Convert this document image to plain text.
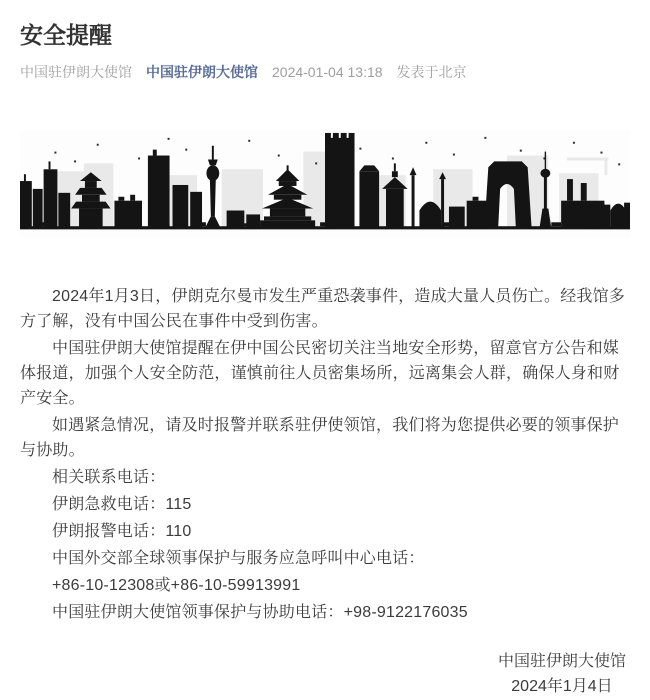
安全提醒
中国驻伊朗大使馆 中国驻伊朗大使馆 2024-01-04 13:18 发表于北京

2024年1月3日，伊朗克尔曼市发生严重恐袭事件，造成大量人员伤亡。经我馆多方了解，没有中国公民在事件中受到伤害。

中国驻伊朗大使馆提醒在伊中国公民密切关注当地安全形势，留意官方公告和媒体报道，加强个人安全防范，谨慎前往人员密集场所，远离集会人群，确保人身和财产安全。

如遇紧急情况，请及时报警并联系驻伊使领馆，我们将为您提供必要的领事保护与协助。

相关联系电话：

伊朗急救电话：115

伊朗报警电话：110

中国外交部全球领事保护与服务应急呼叫中心电话：

+86-10-12308或+86-10-59913991

中国驻伊朗大使馆领事保护与协助电话：+98-9122176035

中国驻伊朗大使馆
2024年1月4日
